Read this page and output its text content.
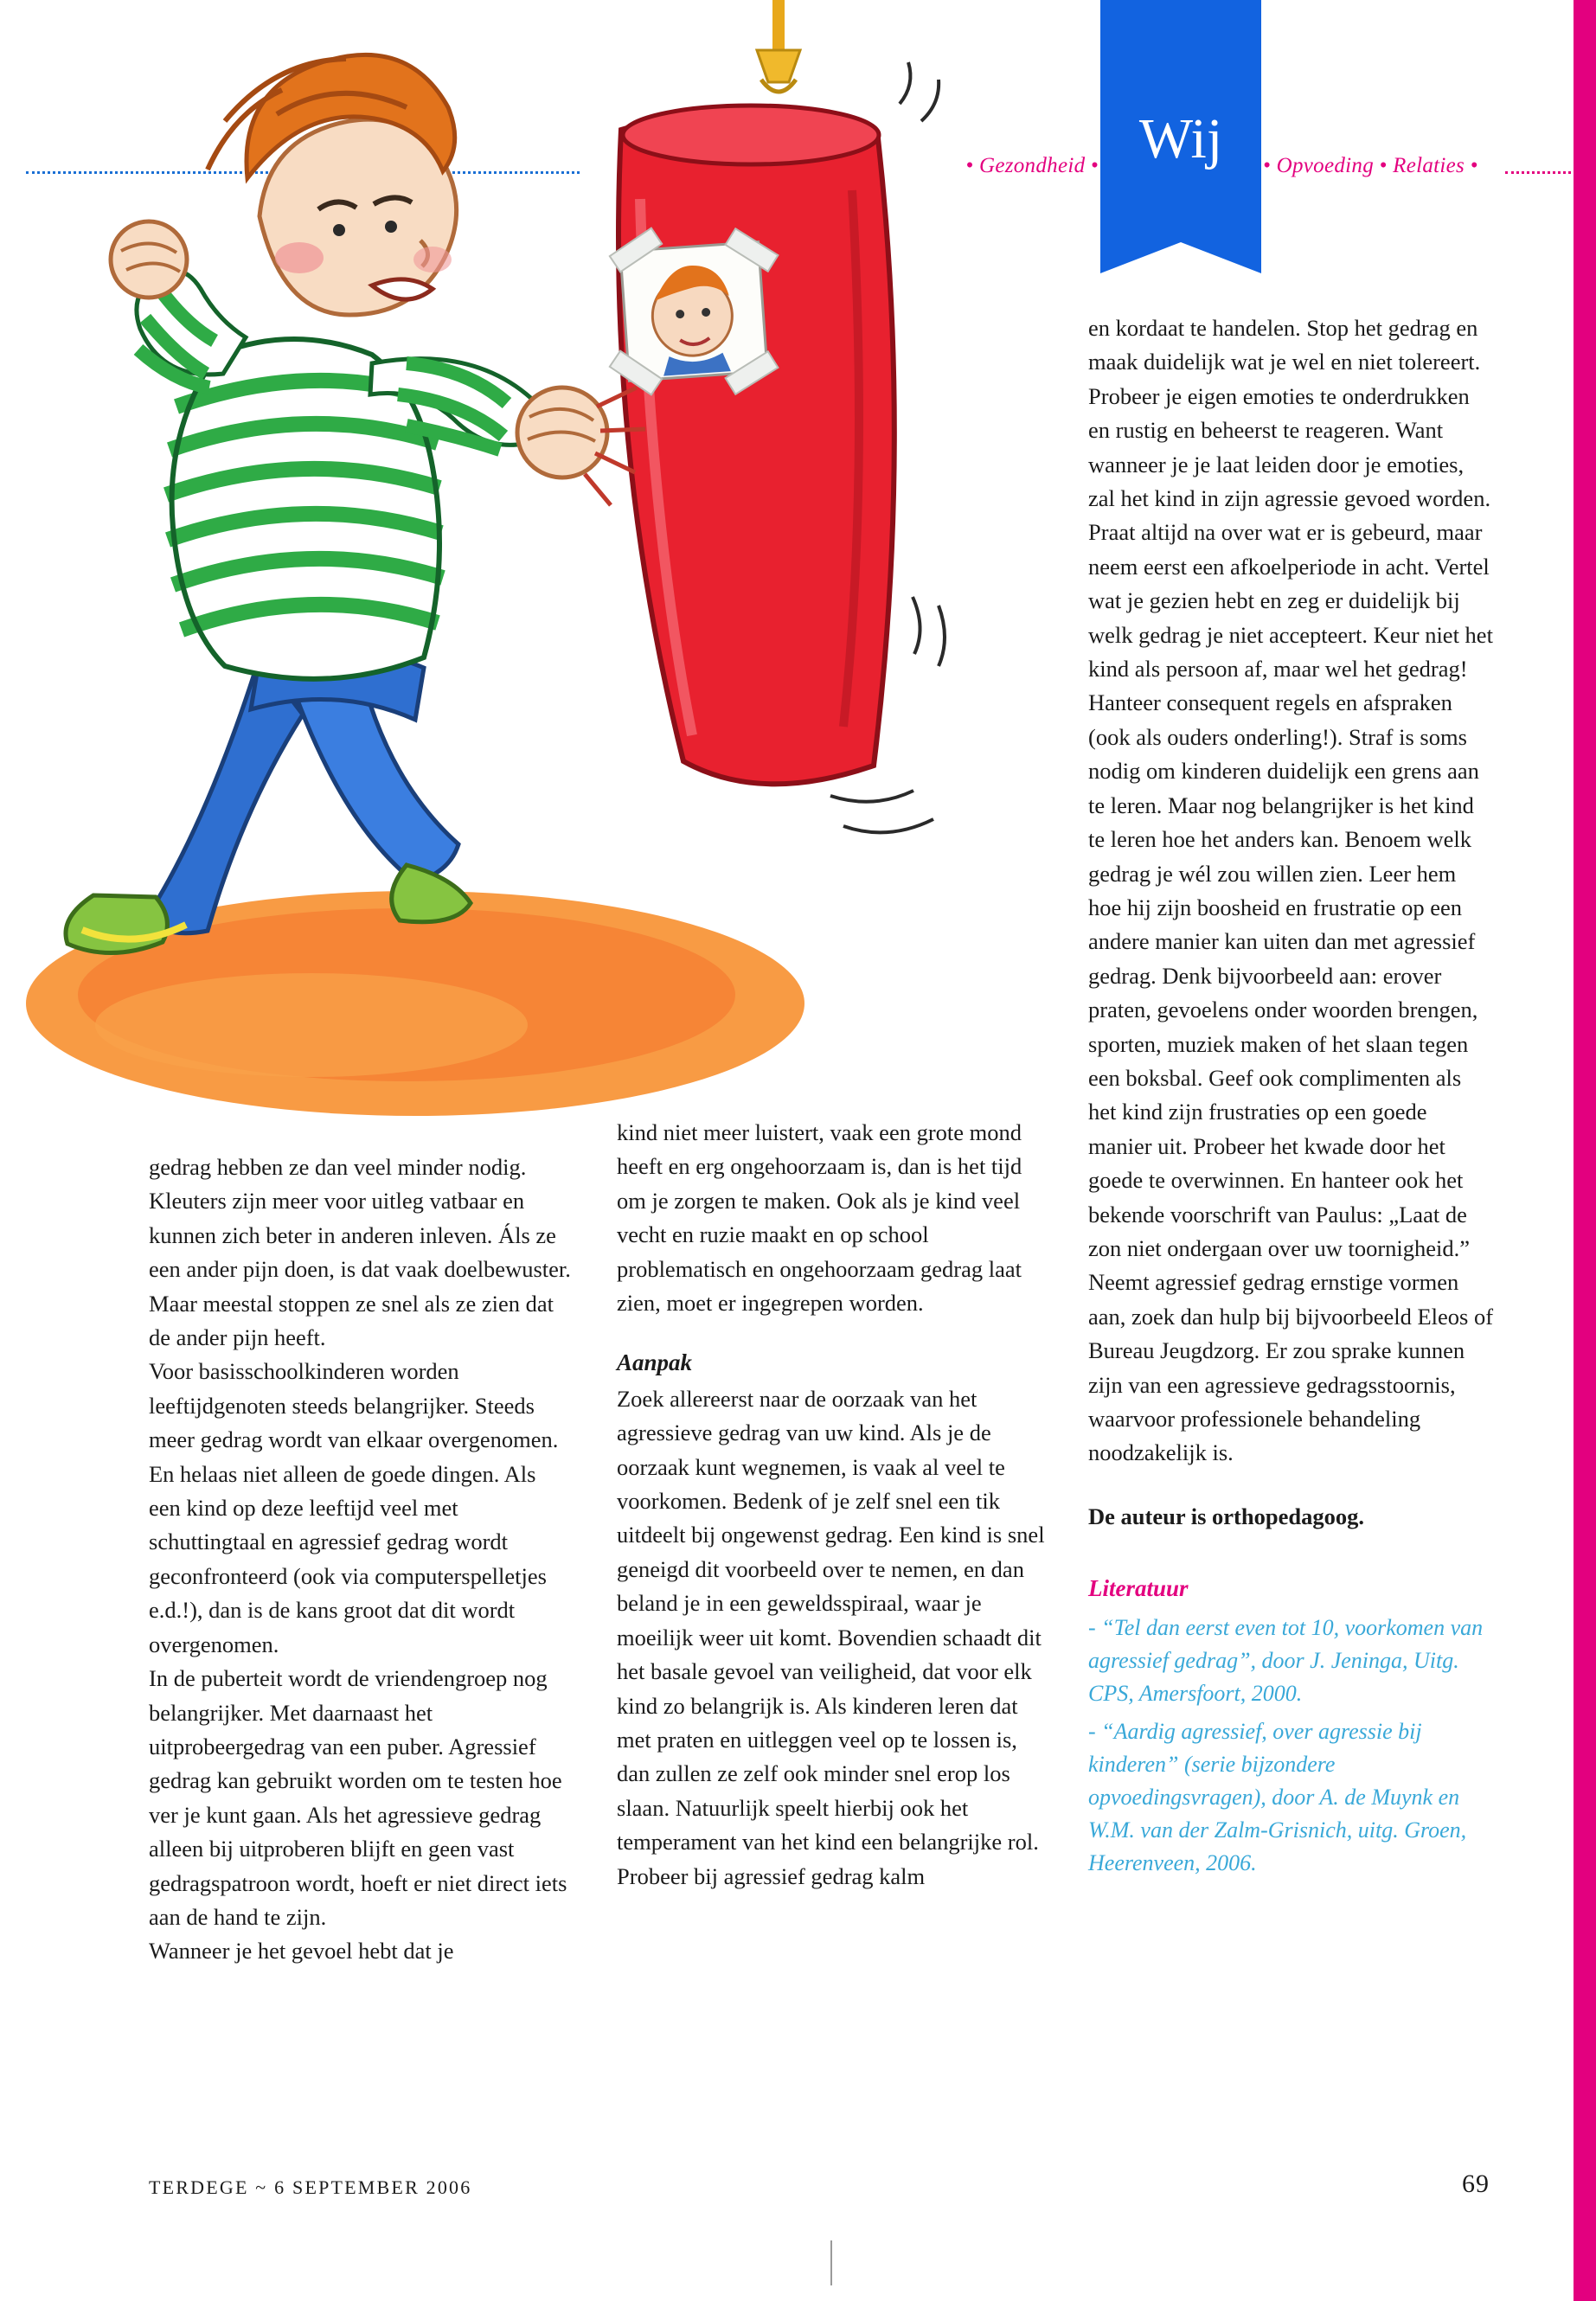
• Gezondheid • Wij	• Opvoeding • Relaties •

gedrag hebben ze dan veel minder nodig. Kleuters zijn meer voor uitleg vatbaar en kunnen zich beter in anderen inleven. Áls ze een ander pijn doen, is dat vaak doelbewuster. Maar meestal stoppen ze snel als ze zien dat de ander pijn heeft.

Voor basisschoolkinderen worden leeftijdgenoten steeds belangrijker. Steeds meer gedrag wordt van elkaar overgenomen. En helaas niet alleen de goede dingen. Als een kind op deze leeftijd veel met schuttingtaal en agressief gedrag wordt geconfronteerd (ook via computerspelletjes e.d.!), dan is de kans groot dat dit wordt overgenomen.

In de puberteit wordt de vriendengroep nog belangrijker. Met daarnaast het uitprobeergedrag van een puber. Agressief gedrag kan gebruikt worden om te testen hoe ver je kunt gaan. Als het agressieve gedrag alleen bij uitproberen blijft en geen vast gedragspatroon wordt, hoeft er niet direct iets aan de hand te zijn.

Wanneer je het gevoel hebt dat je

kind niet meer luistert, vaak een grote mond heeft en erg ongehoorzaam is, dan is het tijd om je zorgen te maken. Ook als je kind veel vecht en ruzie maakt en op school problematisch en ongehoorzaam gedrag laat zien, moet er ingegrepen worden.

Aanpak

Zoek allereerst naar de oorzaak van het agressieve gedrag van uw kind. Als je de oorzaak kunt wegnemen, is vaak al veel te voorkomen. Bedenk of je zelf snel een tik uitdeelt bij ongewenst gedrag. Een kind is snel geneigd dit voorbeeld over te nemen, en dan beland je in een geweldsspiraal, waar je moeilijk weer uit komt. Bovendien schaadt dit het basale gevoel van veiligheid, dat voor elk kind zo belangrijk is. Als kinderen leren dat met praten en uitleggen veel op te lossen is, dan zullen ze zelf ook minder snel erop los slaan. Natuurlijk speelt hierbij ook het temperament van het kind een belangrijke rol.

Probeer bij agressief gedrag kalm

en kordaat te handelen. Stop het gedrag en maak duidelijk wat je wel en niet tolereert. Probeer je eigen emoties te onderdrukken en rustig en beheerst te reageren. Want wanneer je je laat leiden door je emoties, zal het kind in zijn agressie gevoed worden. Praat altijd na over wat er is gebeurd, maar neem eerst een afkoelperiode in acht. Vertel wat je gezien hebt en zeg er duidelijk bij welk gedrag je niet accepteert. Keur niet het kind als persoon af, maar wel het gedrag! Hanteer consequent regels en afspraken (ook als ouders onderling!). Straf is soms nodig om kinderen duidelijk een grens aan te leren. Maar nog belangrijker is het kind te leren hoe het anders kan. Benoem welk gedrag je wél zou willen zien. Leer hem hoe hij zijn boosheid en frustratie op een andere manier kan uiten dan met agressief gedrag. Denk bijvoorbeeld aan: erover praten, gevoelens onder woorden brengen, sporten, muziek maken of het slaan tegen een boksbal. Geef ook complimenten als het kind zijn frustraties op een goede manier uit. Probeer het kwade door het goede te overwinnen. En hanteer ook het bekende voorschrift van Paulus: „Laat de zon niet ondergaan over uw toornigheid.”

Neemt agressief gedrag ernstige vormen aan, zoek dan hulp bij bijvoorbeeld Eleos of Bureau Jeugdzorg. Er zou sprake kunnen zijn van een agressieve gedragsstoornis, waarvoor professionele behandeling noodzakelijk is.

De auteur is orthopedagoog.

Literatuur

- “Tel dan eerst even tot 10, voorkomen van agressief gedrag”, door J. Jeninga, Uitg. CPS, Amersfoort, 2000.

- “Aardig agressief, over agressie bij kinderen” (serie bijzondere opvoedingsvragen), door A. de Muynk en W.M. van der Zalm-Grisnich, uitg. Groen, Heerenveen, 2006.

TERDEGE ~ 6 SEPTEMBER 2006	69
